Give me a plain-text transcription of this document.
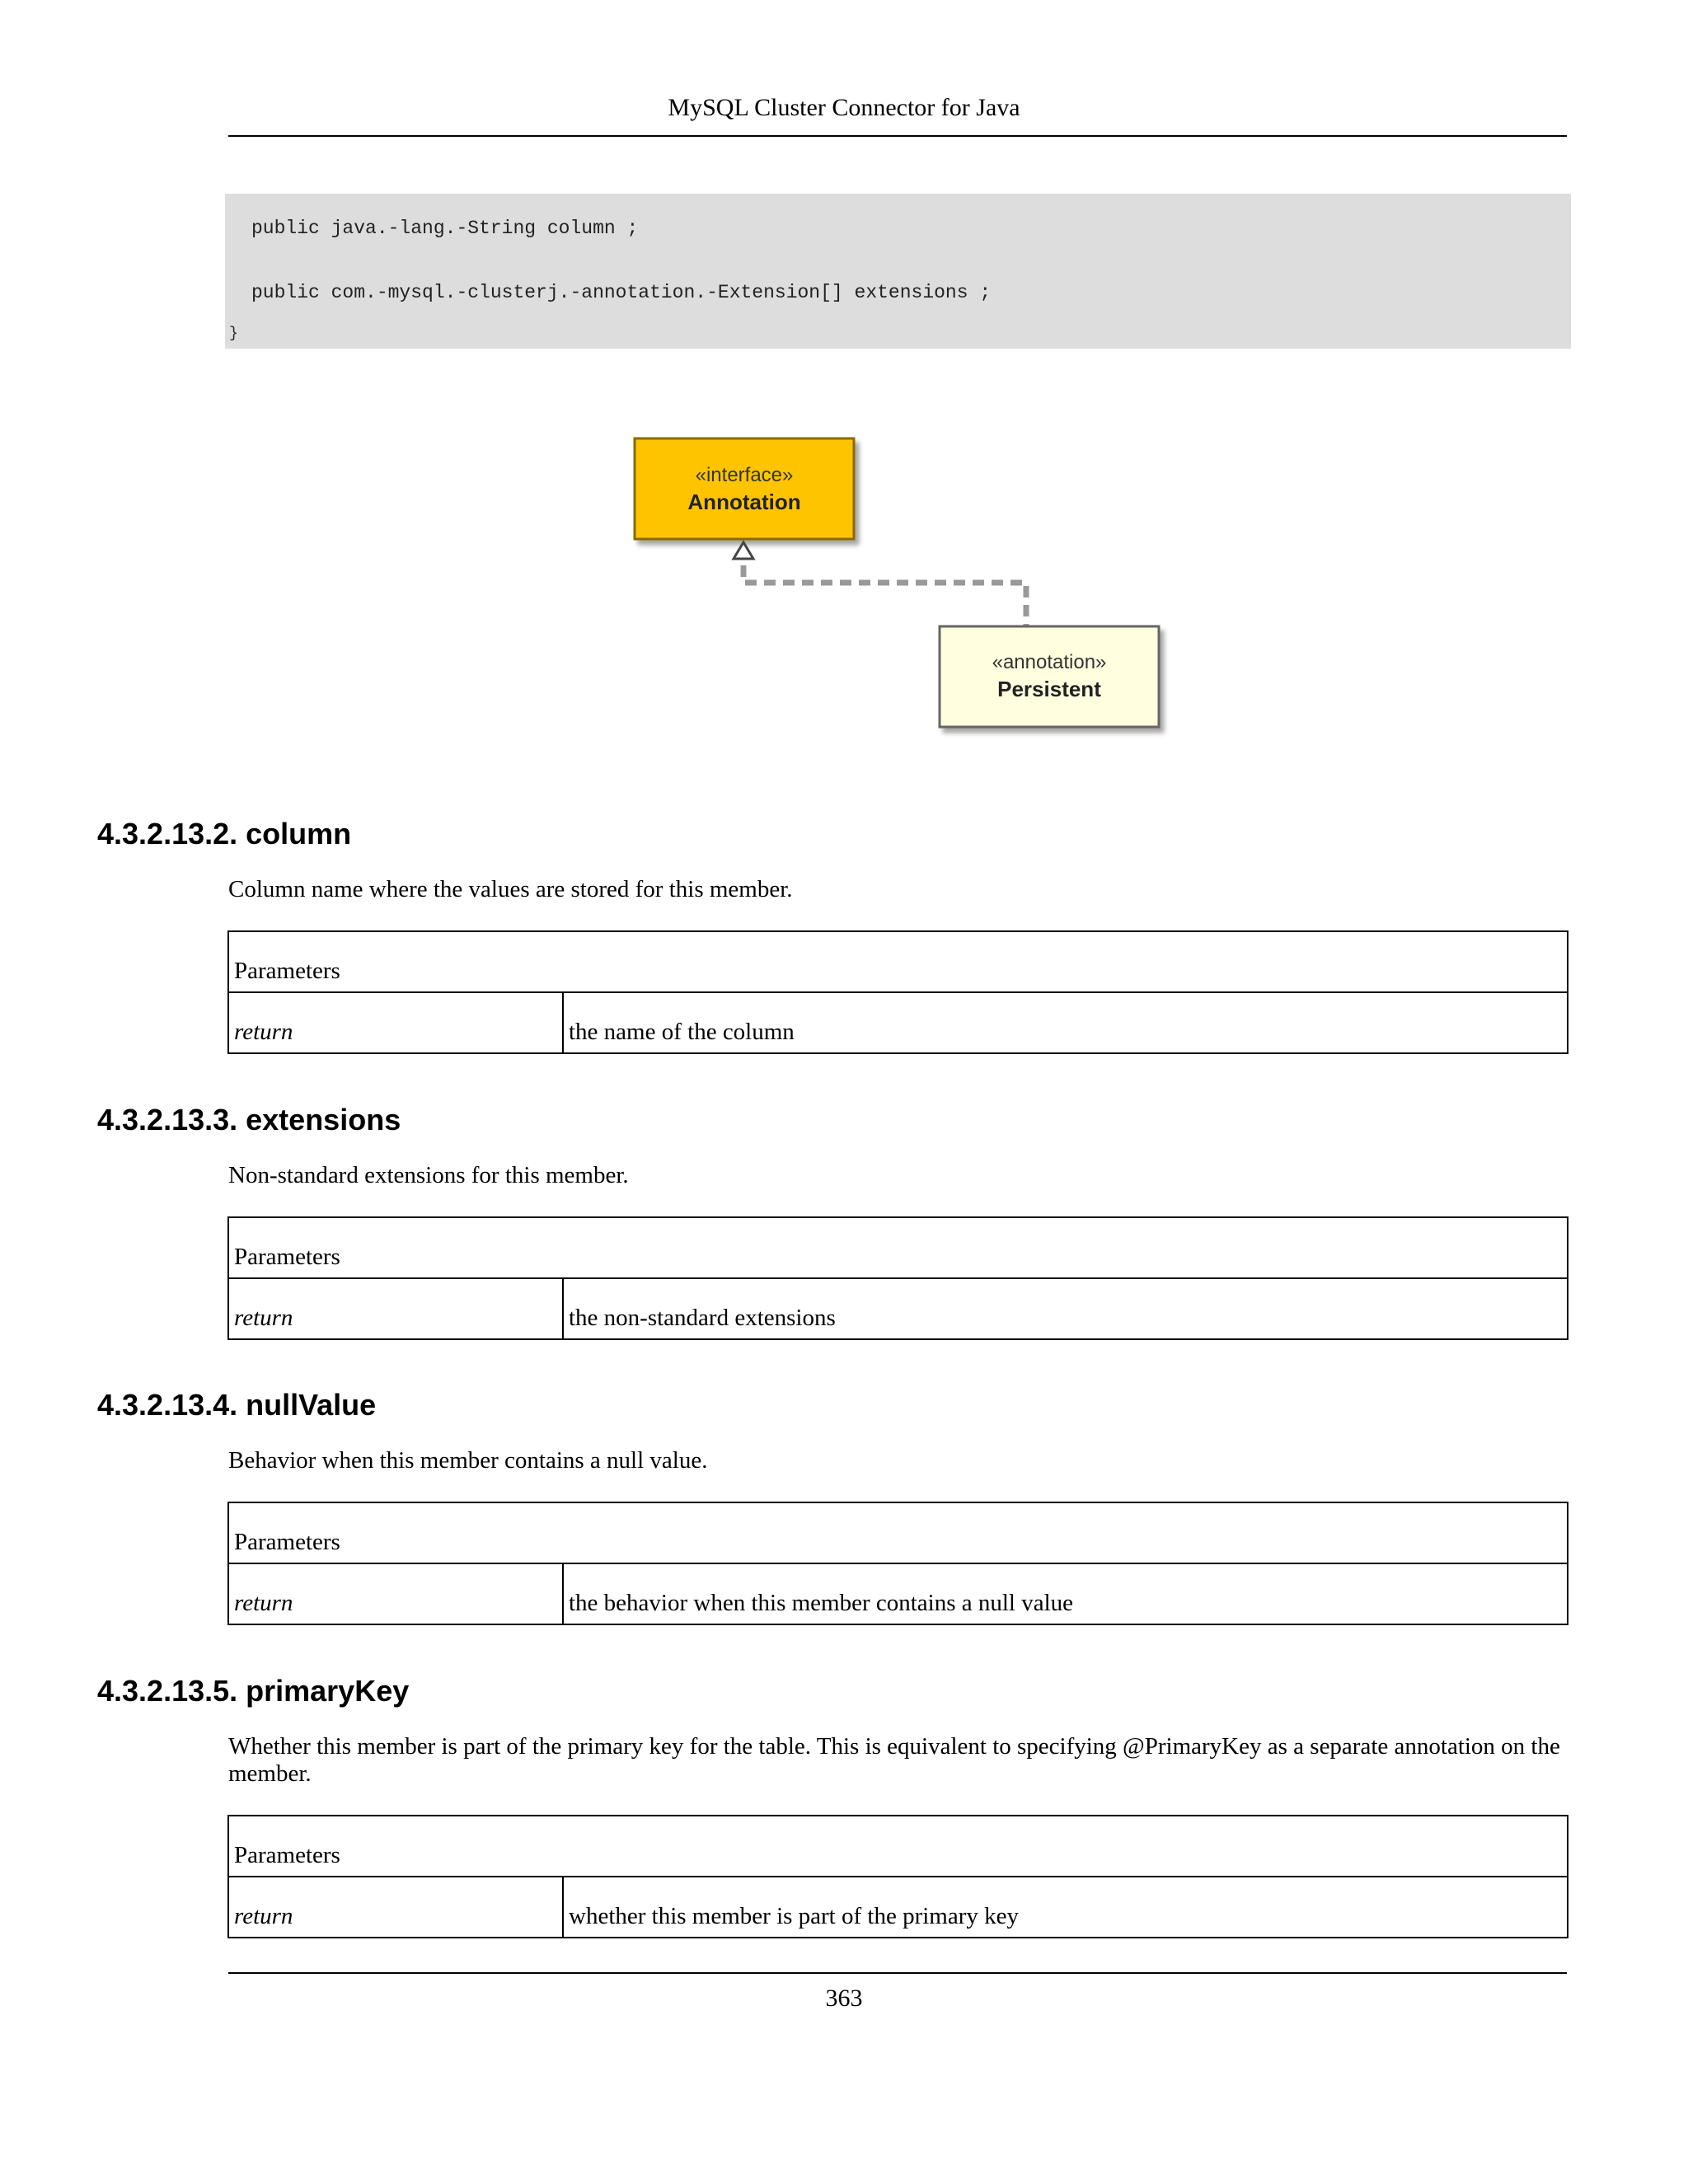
MySQL Cluster Connector for Java
public java.-lang.-String column ;
public com.-mysql.-clusterj.-annotation.-Extension[] extensions ;
}
«interface»
Annotation
«annotation»
Persistent
4.3.2.13.2. column
Column name where the values are stored for this member.
Parameters
return	the name of the column
4.3.2.13.3. extensions
Non-standard extensions for this member.
Parameters
return	the non-standard extensions
4.3.2.13.4. nullValue
Behavior when this member contains a null value.
Parameters
return	the behavior when this member contains a null value
4.3.2.13.5. primaryKey
Whether this member is part of the primary key for the table. This is equivalent to specifying @PrimaryKey as a separate annotation on the member.
Parameters
return	whether this member is part of the primary key
363
